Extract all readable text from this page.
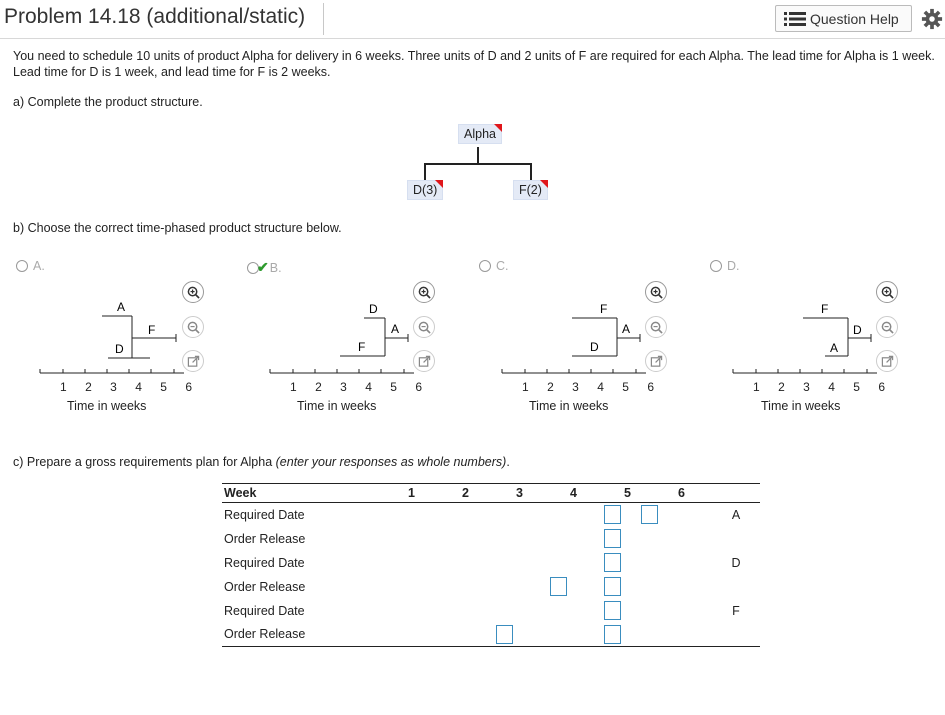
Problem 14.18 (additional/static)	Question Help
You need to schedule 10 units of product Alpha for delivery in 6 weeks. Three units of D and 2 units of F are required for each Alpha. The lead time for Alpha is 1 week. Lead time for D is 1 week, and lead time for F is 2 weeks.
a) Complete the product structure.
Alpha
D(3)	F(2)
b) Choose the correct time-phased product structure below.
A.	✔ B.	C.	D.
A
F
D
1 2 3 4 5 6
Time in weeks
D
A
F
1 2 3 4 5 6
Time in weeks
F
A
D
1 2 3 4 5 6
Time in weeks
F
D
A
1 2 3 4 5 6
Time in weeks
c) Prepare a gross requirements plan for Alpha (enter your responses as whole numbers).
Week	1	2	3	4	5	6	
Required Date							A
Order Release							
Required Date							D
Order Release							
Required Date							F
Order Release							
